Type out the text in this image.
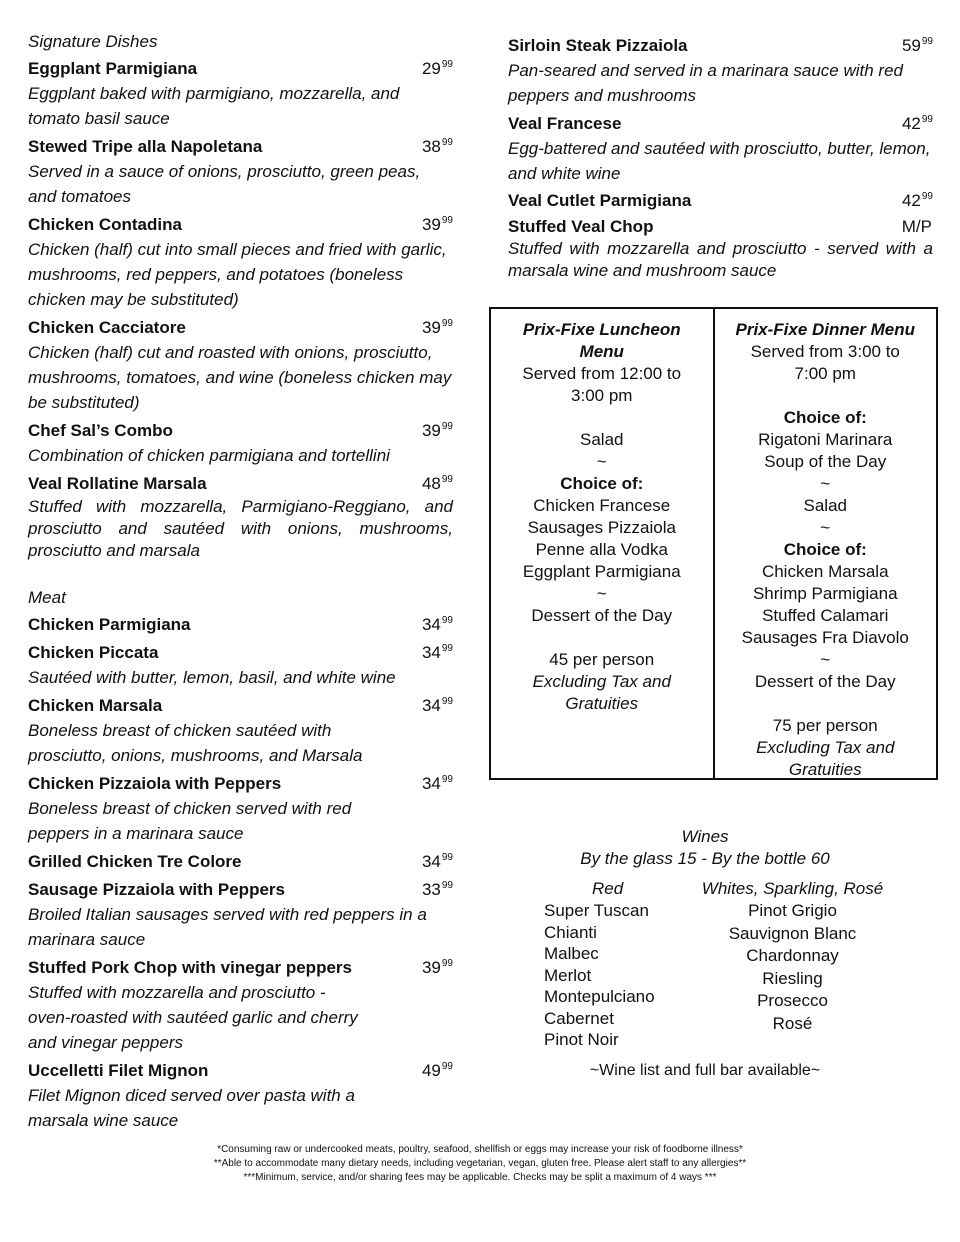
Signature Dishes
Eggplant Parmigiana	$29^{99}$
Eggplant baked with parmigiano, mozzarella, and tomato basil sauce
Stewed Tripe alla Napoletana	$38^{99}$
Served in a sauce of onions, prosciutto, green peas, and tomatoes
Chicken Contadina	$39^{99}$
Chicken (half) cut into small pieces and fried with garlic, mushrooms, red peppers, and potatoes (boneless chicken may be substituted)
Chicken Cacciatore	$39^{99}$
Chicken (half) cut and roasted with onions, prosciutto, mushrooms, tomatoes, and wine (boneless chicken may be substituted)
Chef Sal’s Combo	$39^{99}$
Combination of chicken parmigiana and tortellini
Veal Rollatine Marsala	$48^{99}$
Stuffed with mozzarella, Parmigiano-Reggiano, and prosciutto and sautéed with onions, mushrooms, prosciutto and marsala
Meat
Chicken Parmigiana	$34^{99}$
Chicken Piccata	$34^{99}$
Sautéed with butter, lemon, basil, and white wine
Chicken Marsala	$34^{99}$
Boneless breast of chicken sautéed with prosciutto, onions, mushrooms, and Marsala
Chicken Pizzaiola with Peppers	$34^{99}$
Boneless breast of chicken served with red peppers in a marinara sauce
Grilled Chicken Tre Colore	$34^{99}$
Sausage Pizzaiola with Peppers	$33^{99}$
Broiled Italian sausages served with red peppers in a marinara sauce
Stuffed Pork Chop with vinegar peppers	$39^{99}$
Stuffed with mozzarella and prosciutto - oven-roasted with sautéed garlic and cherry and vinegar peppers
Uccelletti Filet Mignon	$49^{99}$
Filet Mignon diced served over pasta with a marsala wine sauce
Sirloin Steak Pizzaiola	$59^{99}$
Pan-seared and served in a marinara sauce with red peppers and mushrooms
Veal Francese	$42^{99}$
Egg-battered and sautéed with prosciutto, butter, lemon, and white wine
Veal Cutlet Parmigiana	$42^{99}$
Stuffed Veal Chop	M/P
Stuffed with mozzarella and prosciutto - served with a marsala wine and mushroom sauce
Prix-Fixe Luncheon Menu
Served from 12:00 to 3:00 pm
Salad
~
Choice of:
Chicken Francese
Sausages Pizzaiola
Penne alla Vodka
Eggplant Parmigiana
~
Dessert of the Day
45 per person
Excluding Tax and Gratuities
Prix-Fixe Dinner Menu
Served from 3:00 to 7:00 pm
Choice of:
Rigatoni Marinara
Soup of the Day
~
Salad
~
Choice of:
Chicken Marsala
Shrimp Parmigiana
Stuffed Calamari
Sausages Fra Diavolo
~
Dessert of the Day
75 per person
Excluding Tax and Gratuities
Wines
By the glass 15 - By the bottle 60
Red
Super Tuscan
Chianti
Malbec
Merlot
Montepulciano
Cabernet
Pinot Noir
Whites, Sparkling, Rosé
Pinot Grigio
Sauvignon Blanc
Chardonnay
Riesling
Prosecco
Rosé
~Wine list and full bar available~
*Consuming raw or undercooked meats, poultry, seafood, shellfish or eggs may increase your risk of foodborne illness*
**Able to accommodate many dietary needs, including vegetarian, vegan, gluten free. Please alert staff to any allergies**
***Minimum, service, and/or sharing fees may be applicable. Checks may be split a maximum of 4 ways ***
